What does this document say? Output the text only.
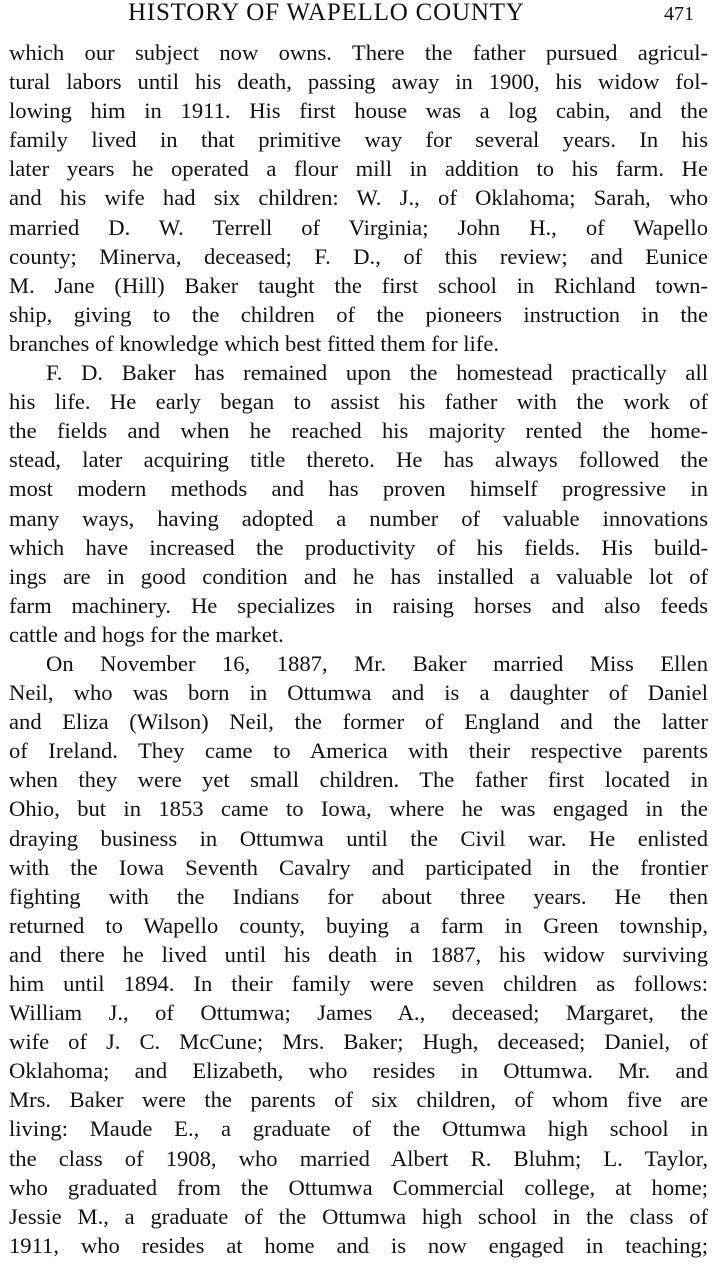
HISTORY OF WAPELLO COUNTY	471
which our subject now owns. There the father pursued agricul-
tural labors until his death, passing away in 1900, his widow fol-
lowing him in 1911. His first house was a log cabin, and the
family lived in that primitive way for several years. In his
later years he operated a flour mill in addition to his farm. He
and his wife had six children: W. J., of Oklahoma; Sarah, who
married D. W. Terrell of Virginia; John H., of Wapello
county; Minerva, deceased; F. D., of this review; and Eunice
M. Jane (Hill) Baker taught the first school in Richland town-
ship, giving to the children of the pioneers instruction in the
branches of knowledge which best fitted them for life.
F. D. Baker has remained upon the homestead practically all
his life. He early began to assist his father with the work of
the fields and when he reached his majority rented the home-
stead, later acquiring title thereto. He has always followed the
most modern methods and has proven himself progressive in
many ways, having adopted a number of valuable innovations
which have increased the productivity of his fields. His build-
ings are in good condition and he has installed a valuable lot of
farm machinery. He specializes in raising horses and also feeds
cattle and hogs for the market.
On November 16, 1887, Mr. Baker married Miss Ellen
Neil, who was born in Ottumwa and is a daughter of Daniel
and Eliza (Wilson) Neil, the former of England and the latter
of Ireland. They came to America with their respective parents
when they were yet small children. The father first located in
Ohio, but in 1853 came to Iowa, where he was engaged in the
draying business in Ottumwa until the Civil war. He enlisted
with the Iowa Seventh Cavalry and participated in the frontier
fighting with the Indians for about three years. He then
returned to Wapello county, buying a farm in Green township,
and there he lived until his death in 1887, his widow surviving
him until 1894. In their family were seven children as follows:
William J., of Ottumwa; James A., deceased; Margaret, the
wife of J. C. McCune; Mrs. Baker; Hugh, deceased; Daniel, of
Oklahoma; and Elizabeth, who resides in Ottumwa. Mr. and
Mrs. Baker were the parents of six children, of whom five are
living: Maude E., a graduate of the Ottumwa high school in
the class of 1908, who married Albert R. Bluhm; L. Taylor,
who graduated from the Ottumwa Commercial college, at home;
Jessie M., a graduate of the Ottumwa high school in the class of
1911, who resides at home and is now engaged in teaching;
